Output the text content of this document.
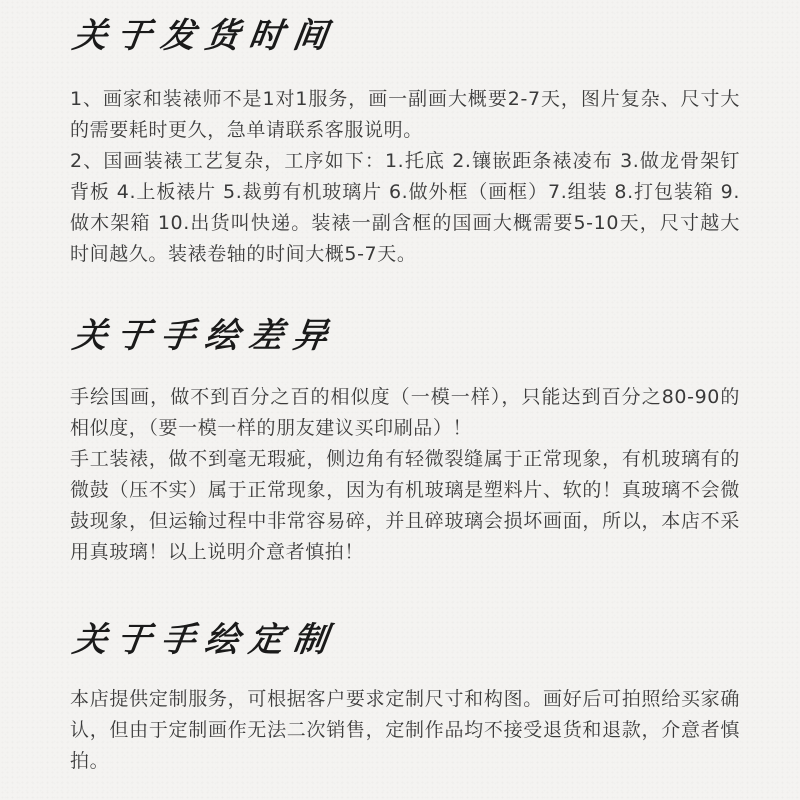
关于发货时间

1、画家和装裱师不是1对1服务，画一副画大概要2-7天，图片复杂、尺寸大的需要耗时更久，急单请联系客服说明。

2、国画装裱工艺复杂，工序如下：1.托底 2.镶嵌距条裱凌布 3.做龙骨架钉背板 4.上板裱片 5.裁剪有机玻璃片 6.做外框（画框）7.组装 8.打包装箱 9.做木架箱 10.出货叫快递。装裱一副含框的国画大概需要5-10天，尺寸越大时间越久。装裱卷轴的时间大概5-7天。

关于手绘差异

手绘国画，做不到百分之百的相似度（一模一样），只能达到百分之80-90的相似度，（要一模一样的朋友建议买印刷品）！

手工装裱，做不到毫无瑕疵，侧边角有轻微裂缝属于正常现象，有机玻璃有的微鼓（压不实）属于正常现象，因为有机玻璃是塑料片、软的！真玻璃不会微鼓现象，但运输过程中非常容易碎，并且碎玻璃会损坏画面，所以，本店不采用真玻璃！以上说明介意者慎拍！

关于手绘定制

本店提供定制服务，可根据客户要求定制尺寸和构图。画好后可拍照给买家确认，但由于定制画作无法二次销售，定制作品均不接受退货和退款，介意者慎拍。
